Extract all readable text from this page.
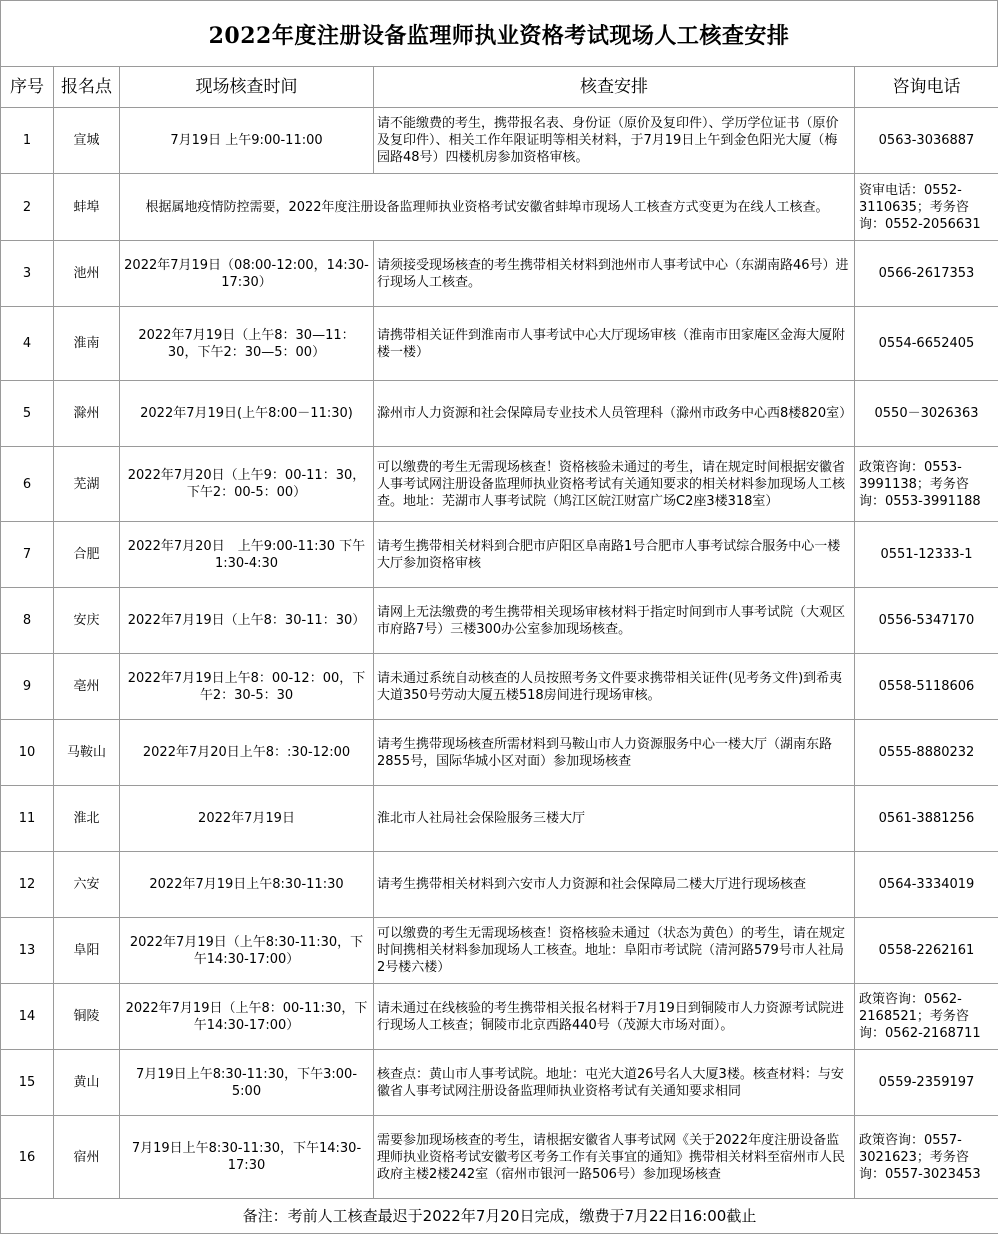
2022年度注册设备监理师执业资格考试现场人工核查安排
序号	报名点	现场核查时间	核查安排	咨询电话
1	宣城	7月19日 上午9:00-11:00	请不能缴费的考生，携带报名表、身份证（原价及复印件）、学历学位证书（原价及复印件）、相关工作年限证明等相关材料，于7月19日上午到金色阳光大厦（梅园路48号）四楼机房参加资格审核。	0563-3036887
2	蚌埠	根据属地疫情防控需要，2022年度注册设备监理师执业资格考试安徽省蚌埠市现场人工核查方式变更为在线人工核查。		资审电话：0552-3110635；考务咨询：0552-2056631
3	池州	2022年7月19日（08:00-12:00，14:30-17:30）	请须接受现场核查的考生携带相关材料到池州市人事考试中心（东湖南路46号）进行现场人工核查。	0566-2617353
4	淮南	2022年7月19日（上午8：30—11：30，下午2：30—5：00）	请携带相关证件到淮南市人事考试中心大厅现场审核（淮南市田家庵区金海大厦附楼一楼）	0554-6652405
5	滁州	2022年7月19日(上午8:00－11:30)	滁州市人力资源和社会保障局专业技术人员管理科（滁州市政务中心西8楼820室）	0550－3026363
6	芜湖	2022年7月20日（上午9：00-11：30，下午2：00-5：00）	可以缴费的考生无需现场核查！资格核验未通过的考生，请在规定时间根据安徽省人事考试网注册设备监理师执业资格考试有关通知要求的相关材料参加现场人工核查。地址：芜湖市人事考试院（鸠江区皖江财富广场C2座3楼318室）	政策咨询：0553-3991138；考务咨询：0553-3991188
7	合肥	2022年7月20日　上午9:00-11:30 下午1:30-4:30	请考生携带相关材料到合肥市庐阳区阜南路1号合肥市人事考试综合服务中心一楼大厅参加资格审核	0551-12333-1
8	安庆	2022年7月19日（上午8：30-11：30）	请网上无法缴费的考生携带相关现场审核材料于指定时间到市人事考试院（大观区市府路7号）三楼300办公室参加现场核查。	0556-5347170
9	亳州	2022年7月19日上午8：00-12：00，下午2：30-5：30	请未通过系统自动核查的人员按照考务文件要求携带相关证件(见考务文件)到希夷大道350号劳动大厦五楼518房间进行现场审核。	0558-5118606
10	马鞍山	2022年7月20日上午8：:30-12:00	请考生携带现场核查所需材料到马鞍山市人力资源服务中心一楼大厅（湖南东路2855号，国际华城小区对面）参加现场核查	0555-8880232
11	淮北	2022年7月19日	淮北市人社局社会保险服务三楼大厅	0561-3881256
12	六安	2022年7月19日上午8:30-11:30	请考生携带相关材料到六安市人力资源和社会保障局二楼大厅进行现场核查	0564-3334019
13	阜阳	2022年7月19日（上午8:30-11:30，下午14:30-17:00）	可以缴费的考生无需现场核查！资格核验未通过（状态为黄色）的考生，请在规定时间携相关材料参加现场人工核查。地址：阜阳市考试院（清河路579号市人社局2号楼六楼）	0558-2262161
14	铜陵	2022年7月19日（上午8：00-11:30，下午14:30-17:00）	请未通过在线核验的考生携带相关报名材料于7月19日到铜陵市人力资源考试院进行现场人工核查；铜陵市北京西路440号（茂源大市场对面）。	政策咨询：0562-2168521；考务咨询：0562-2168711
15	黄山	7月19日上午8:30-11:30，下午3:00-5:00	核查点：黄山市人事考试院。地址：屯光大道26号名人大厦3楼。核查材料：与安徽省人事考试网注册设备监理师执业资格考试有关通知要求相同	0559-2359197
16	宿州	7月19日上午8:30-11:30，下午14:30-17:30	需要参加现场核查的考生，请根据安徽省人事考试网《关于2022年度注册设备监理师执业资格考试安徽考区考务工作有关事宜的通知》携带相关材料至宿州市人民政府主楼2楼242室（宿州市银河一路506号）参加现场核查	政策咨询：0557-3021623；考务咨询：0557-3023453
备注：考前人工核查最迟于2022年7月20日完成，缴费于7月22日16:00截止				
